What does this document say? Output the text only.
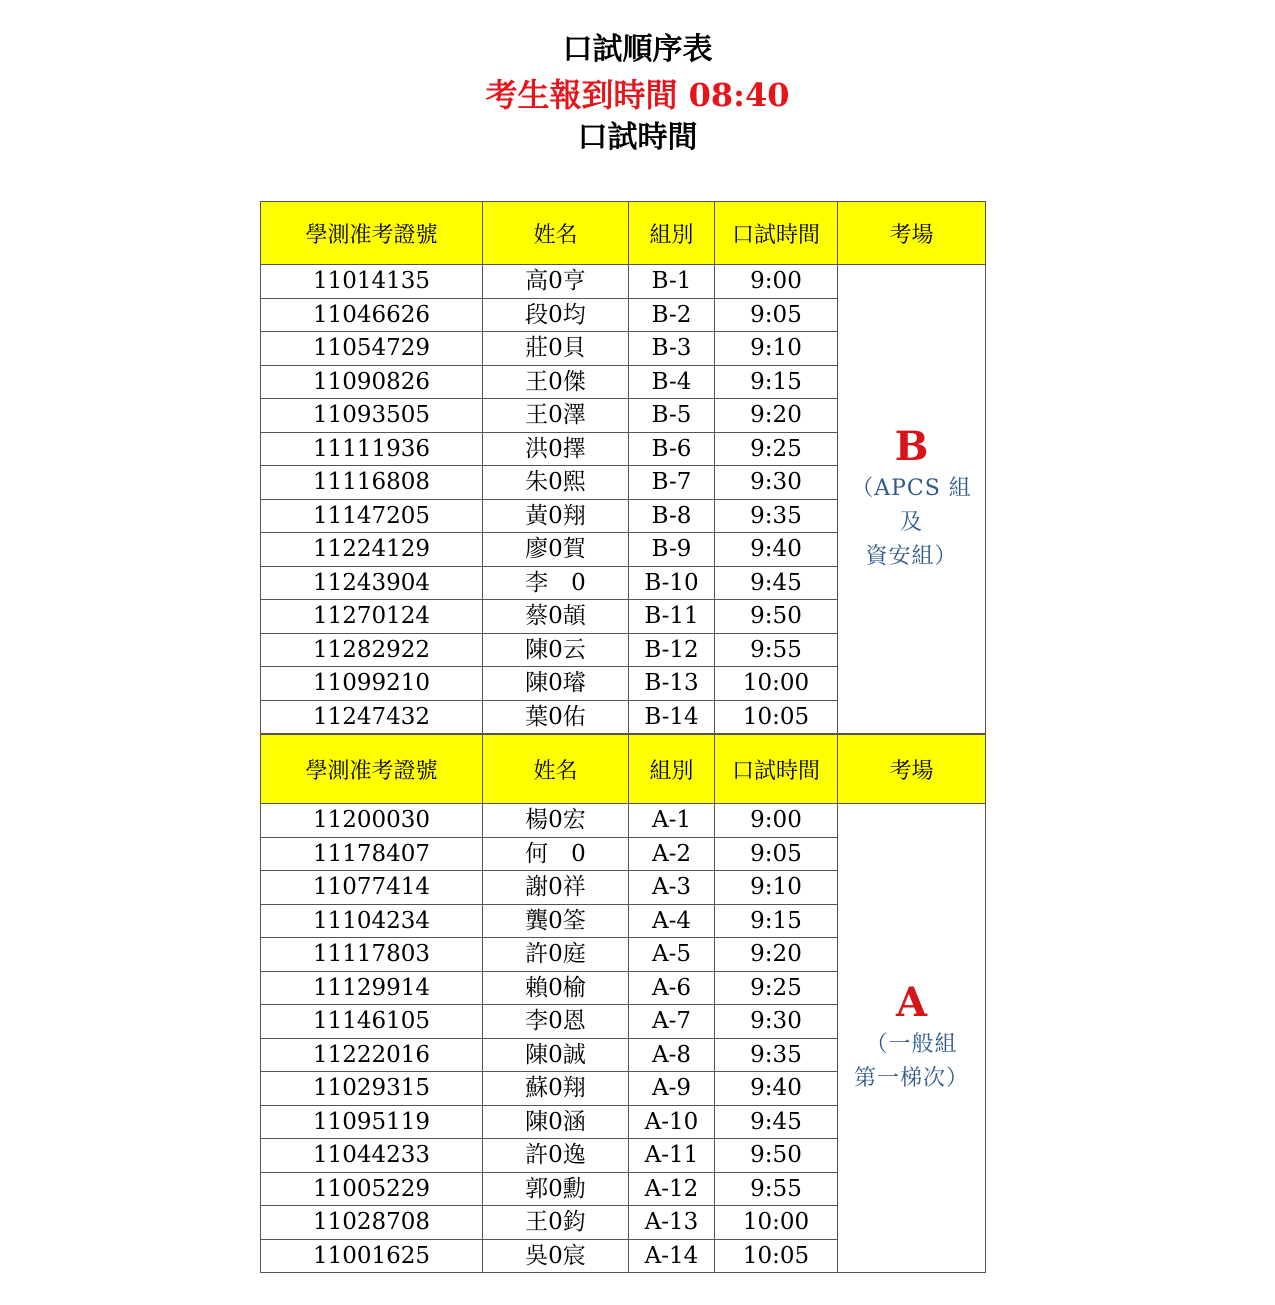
口試順序表
考生報到時間 08:40
口試時間
學測准考證號	姓名	組別	口試時間	考場
11014135	高0亨	B-1	9:00	B
（APCS 組及
資安組）

11046626	段0均	B-2	9:05	
11054729	莊0貝	B-3	9:10	
11090826	王0傑	B-4	9:15	
11093505	王0澤	B-5	9:20	
11111936	洪0擇	B-6	9:25	
11116808	朱0熙	B-7	9:30	
11147205	黃0翔	B-8	9:35	
11224129	廖0賀	B-9	9:40	
11243904	李　0	B-10	9:45	
11270124	蔡0頡	B-11	9:50	
11282922	陳0云	B-12	9:55	
11099210	陳0璿	B-13	10:00	
11247432	葉0佑	B-14	10:05	
學測准考證號	姓名	組別	口試時間	考場
11200030	楊0宏	A-1	9:00	A
（一般組
第一梯次）

11178407	何　0	A-2	9:05	
11077414	謝0祥	A-3	9:10	
11104234	龔0筌	A-4	9:15	
11117803	許0庭	A-5	9:20	
11129914	賴0榆	A-6	9:25	
11146105	李0恩	A-7	9:30	
11222016	陳0誠	A-8	9:35	
11029315	蘇0翔	A-9	9:40	
11095119	陳0涵	A-10	9:45	
11044233	許0逸	A-11	9:50	
11005229	郭0勳	A-12	9:55	
11028708	王0鈞	A-13	10:00	
11001625	吳0宸	A-14	10:05	
